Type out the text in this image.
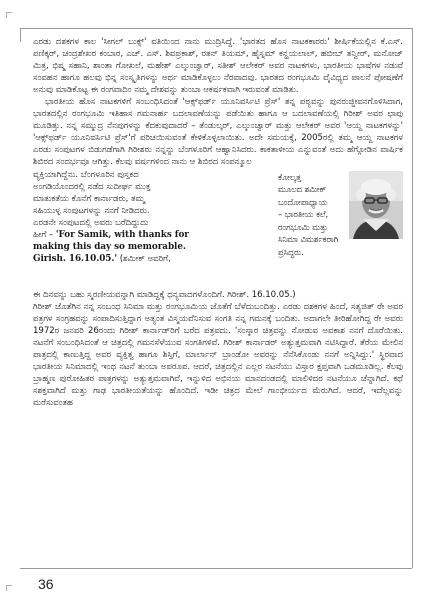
ಎರಡು ದಶಕಗಳ ಕಾಲ 'ಸೀಗಲ್ ಬುಕ್ಸ್' ವತಿಯಿಂದ ನಾನು ಮುದ್ರಿಸಿದ್ದೆ. 'ಭಾರತದ ಹೊಸ ನಾಟಕಕಾರರು' ಶೀರ್ಷಿಕೆಯಲ್ಲಿನ ಕೆ.ಎಸ್. ಪಣಿಕ್ಕರ್, ಚಂದ್ರಶೇಖರ ಕಂಬಾರ, ಎಚ್. ಎಸ್. ಶಿವಪ್ರಕಾಶ್, ರತನ್ ತಿಯಮ್, ಹೈಸ್ನಮ್ ಕನ್ಹಯಲಾಲ್, ಹಬೀಬ್ ತನ್ವೀರ್, ಮನೋಜ್ ಮಿತ್ರ, ಭಿಷ್ಮ ಸಹಾನಿ, ಶಾಂತಾ ಗೋಖಲೆ, ಮಹೇಶ್ ಎಲ್ಕುಂಚ್ವಾರ್, ಸತೀಶ್ ಆಲೇಕರ್ ಅವರ ನಾಟಕಗಳು, ಭಾರತೀಯ ಭಾಷೆಗಳ ನಡುವೆ ಸಂವಹನ ಹಾಗೂ ಹಲವು ಭಿನ್ನ ಸಂಸ್ಕೃತಿಗಳನ್ನು ಅರ್ಥ ಮಾಡಿಕೊಳ್ಳಲು ನೆರವಾದವು. ಭಾರತದ ರಂಗಭೂಮಿ ವೈವಿಧ್ಯದ ಪಾಲನೆ ಪೋಷಣೆಗೆ ಅನುವು ಮಾಡಿಕೊಟ್ಟ ಈ ರಂಗವಾದಿಂ ನಮ್ಮ ದೇಶವನ್ನು ತುಂಬಾ ಆಕರ್ಷಕವಾಗಿ ಇರುವಂತೆ ಮಾಡಿತು.

ಭಾರತೀಯ ಹೊಸ ನಾಟಕಗಳಿಗೆ ಸಂಬಂಧಿಸಿದಂತೆ 'ಆಕ್ಸ್‌ಫರ್ಡ್ ಯೂನಿವರ್ಸಿಟಿ ಪ್ರೆಸ್' ತನ್ನ ಪಠ್ಯವನ್ನು ಪುನರುಜ್ಜೀವನಗೊಳಿಸಿದಾಗ, ಭಾರತದಲ್ಲಿನ ರಂಗಭೂಮಿ ಇತಿಹಾಸ ಗಮನಾರ್ಹ ಬದಲಾವಣೆಯನ್ನು ಪಡೆಯಿತು ಹಾಗೂ ಆ ಬದಲಾವಣೆಯಲ್ಲಿ ಗಿರೀಶ್ ಅವರ ಛಾಪು ಮೂಡಿತ್ತು. ನನ್ನ ಸಮ್ಮುದ್ರ ನೆನಪುಗಳನ್ನು ಕೆದಕುವುದಾದರೆ – ತೆಂಡುಲ್ಕರ್, ಎಲ್ಕುಂಚ್ವಾರ್ ಮತ್ತು ಆಲೇಕರ್ ಅವರ 'ಆಯ್ದ ನಾಟಕಗಳನ್ನು' 'ಆಕ್ಸ್‌ಫರ್ಡ್ ಯೂನಿವರ್ಸಿಟಿ ಪ್ರೆಸ್‌'ಗೆ ಪರಿಚಯಿಸುವಂತೆ ಕೇಳಿಕೊಳ್ಳಲಾಯಿತು. ಅದೇ ಸಮಯಕ್ಕೆ, 2005ರಲ್ಲಿ ತಮ್ಮ ಆಯ್ದ ನಾಟಕಗಳ ಎರಡು ಸಂಪುಟಗಳ ಬಿಡುಗಡೆಗಾಗಿ ಗಿರೀಶರು ನನ್ನನ್ನು ಬೆಂಗಳೂರಿಗೆ ಆಹ್ವಾನಿಸಿದರು. ಕಾಕತಾಳೀಯ ಎನ್ನುವಂತೆ ಅದು ಹೆಗ್ಗೋಡಿನ ವಾರ್ಷಿಕ ಶಿಬಿರದ ಸಂದರ್ಭವೂ ಆಗಿತ್ತು. ಕೆಲವು ವರ್ಷಗಳಿಂದ ನಾನು ಆ ಶಿಬಿರದ ಸಂಪನ್ಮೂಲ

ವ್ಯಕ್ತಿಯಾಗಿದ್ದೆನು. ಬೆಂಗಳೂರಿನ ಪುಸ್ತಕದ
ಅಂಗಡಿಯೊಂದರಲ್ಲಿ ನಡೆದ ಸುದೀರ್ಘ ಮುಕ್ತ
ಮಾತುಕತೆಯ ಕೊನೆಗೆ ಕಾರ್ನಾಡರು, ತಮ್ಮ
ಸಹಿಯುಳ್ಳ ಸಂಪುಟಗಳನ್ನು ನನಗೆ ನೀಡಿದರು.
ಎರಡನೇ ಸಂಪುಟದಲ್ಲಿ ಅವರು ಬರೆದಿದ್ದುದು
ಹೀಗೆ – 'For Samik, with thanks for
making this day so memorable.
Girish. 16.10.05.' (ಶಮೀಕ್ ಅವರಿಗೆ,
ಕೋಲ್ಕತ್ತ
ಮೂಲದ ಶಮೀಕ್
ಬಂದೋಪಾಧ್ಯಾಯ
– ಭಾರತೀಯ ಕಲೆ,
ರಂಗಭೂಮಿ ಮತ್ತು
ಸಿನಿಮಾ ವಿಮರ್ಶಕರಾಗಿ
ಪ್ರಸಿದ್ಧರು.

ಈ ದಿನವನ್ನು ಬಹು ಸ್ಮರಣೀಯವನ್ನಾಗಿ ಮಾಡಿದ್ದಕ್ಕೆ ಧನ್ಯವಾದಗಳೊಂದಿಗೆ. ಗಿರೀಶ್. 16.10.05.)

ಗಿರೀಶ್ ಜೊತೆಗಿನ ನನ್ನ ಸಂಬಂಧ ಸಿನಿಮಾ ಮತ್ತು ರಂಗಭೂಮಿಯ ಜೊತೆಗೆ ಬೆಳೆದುಬಂದಿತ್ತು. ಎರಡು ದಶಕಗಳ ಹಿಂದೆ, ಸತ್ಯಜಿತ್ ರೇ ಅವರ ಪತ್ರಗಳ ಸಂಗ್ರಹವನ್ನು ಸಂಪಾದಿಸುತ್ತಿದ್ದಾಗ ಅತ್ಯಂತ ವಿಸ್ಮಯವೆನಿಸುವ ಸಂಗತಿ ನನ್ನ ಗಮನಕ್ಕೆ ಬಂದಿತು. ಅದಾಗಲೇ ತೀರಿಹೋಗಿದ್ದ ರೇ ಅವರು 1972ರ ಜನವರಿ 26ರಂದು ಗಿರೀಶ್ ಕಾರ್ನಾಡ್‌ರಿಗೆ ಬರೆದ ಪತ್ರವದು. 'ಸಂಸ್ಕಾರ ಚಿತ್ರವನ್ನು ನೋಡುವ ಅವಕಾಶ ನನಗೆ ದೊರೆಯಿತು. ನಟನೆಗೆ ಸಂಬಂಧಿಸಿದಂತೆ ಆ ಚಿತ್ರದಲ್ಲಿ ಗಮನಸೆಳೆಯುವ ಸಂಗತಿಗಳಿವೆ. ಗಿರೀಶ್ ಕಾರ್ನಾಡರ್ ಅತ್ಯುತ್ತಮವಾಗಿ ನಟಿಸಿದ್ದಾರೆ. ತೆರೆಯ ಮೇಲಿನ ಪಾತ್ರದಲ್ಲಿ ಕಾಣುತ್ತಿದ್ದ ಅವರ ವ್ಯಕ್ತಿತ್ವ ಹಾಗೂ ಶಿಸ್ತಿಗೆ, ಮಾರ್ಲಾನ್ ಬ್ರಾಂಡೋ ಅವರನ್ನು ನೆನೆಸಿಕೊಂಡು ನನಗೆ ಅನ್ನಿಸಿದ್ದು.' ಸ್ಥಿರವಾದ ಭಾರತೀಯ ಸಿನಿಮಾದಲ್ಲಿ ಇಂಥ ನಟನೆ ತುಂಬಾ ಅಪರೂಪ. ಆದರೆ, ಚಿತ್ರದಲ್ಲಿನ ಎಲ್ಲರ ನಟನೆಯು ವಿಸ್ತಾರ ಕ್ಷಪ್ತವಾಗಿ ಒಡಮೂಡಿಲ್ಲ. ಕೆಲವು ಬ್ರಾಹ್ಮಣ ಪುರೋಹಿತರ ಪಾತ್ರಗಳನ್ನು ಅತ್ಯುತ್ತಮವಾಗಿವೆ, ಇನ್ನುಳಿದ ಅಭಿನಯ ಮಾನದಂಡದಲ್ಲಿ ಮಾಲಿಳಿದರ ನಟನೆಯೂ ಚೆನ್ನಾಗಿದೆ. ಕಥೆ ಸಶಕ್ತವಾಗಿದೆ ಮತ್ತು ಗಾಢ ಭಾರತೀಯತೆಯನ್ನು ಹೊಂದಿದೆ. ಇಡೀ ಚಿತ್ರದ ಮೇಲೆ ಗಾಂಭೀರ್ಯದ ಮೆರುಗಿದೆ. ಆದರೆ, ಇದೆಲ್ಲವನ್ನು ಮರೆಸುವಂತಹ

36
